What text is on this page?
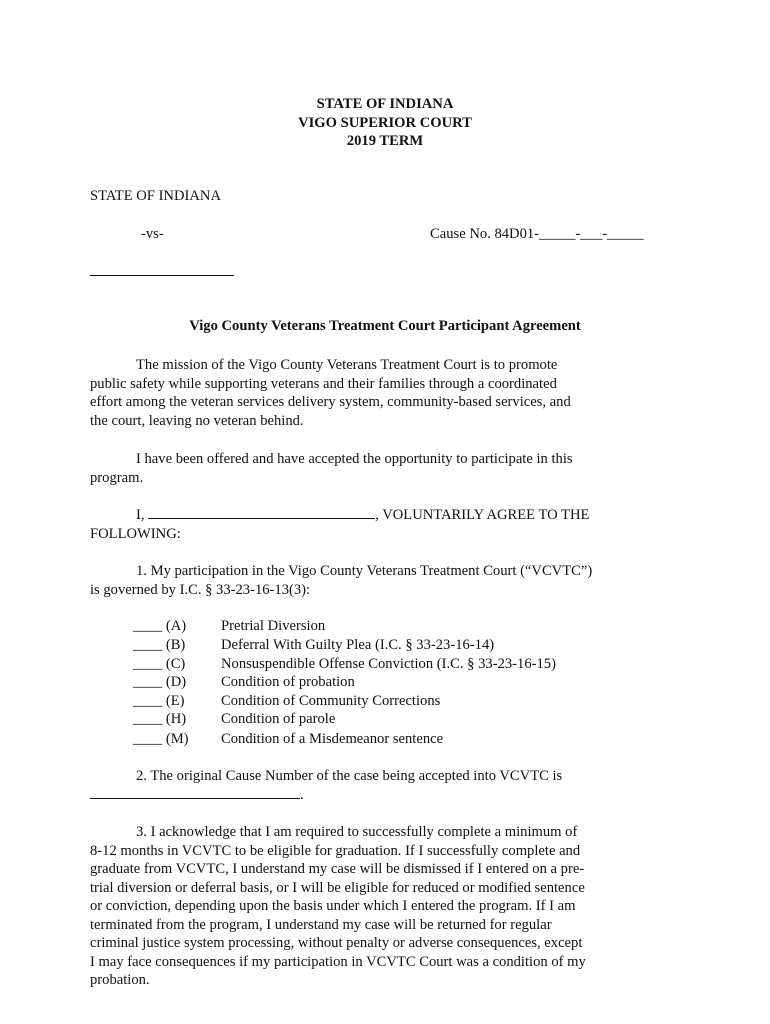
STATE OF INDIANA
VIGO SUPERIOR COURT
2019 TERM
STATE OF INDIANA
-vs-	Cause No. 84D01-_____-___-_____
Vigo County Veterans Treatment Court Participant Agreement
The mission of the Vigo County Veterans Treatment Court is to promote
public safety while supporting veterans and their families through a coordinated
effort among the veteran services delivery system, community-based services, and
the court, leaving no veteran behind.
I have been offered and have accepted the opportunity to participate in this
program.
I,	, VOLUNTARILY AGREE TO THE
FOLLOWING:
1. My participation in the Vigo County Veterans Treatment Court (“VCVTC”)
is governed by I.C. § 33-23-16-13(3):
____ (A) Pretrial Diversion
____ (B) Deferral With Guilty Plea (I.C. § 33-23-16-14)
____ (C) Nonsuspendible Offense Conviction (I.C. § 33-23-16-15)
____ (D) Condition of probation
____ (E)	Condition of Community Corrections
____ (H) Condition of parole
____ (M) Condition of a Misdemeanor sentence
2. The original Cause Number of the case being accepted into VCVTC is
.
3. I acknowledge that I am required to successfully complete a minimum of
8-12 months in VCVTC to be eligible for graduation. If I successfully complete and
graduate from VCVTC, I understand my case will be dismissed if I entered on a pre-
trial diversion or deferral basis, or I will be eligible for reduced or modified sentence
or conviction, depending upon the basis under which I entered the program. If I am
terminated from the program, I understand my case will be returned for regular
criminal justice system processing, without penalty or adverse consequences, except
I may face consequences if my participation in VCVTC Court was a condition of my
probation.
